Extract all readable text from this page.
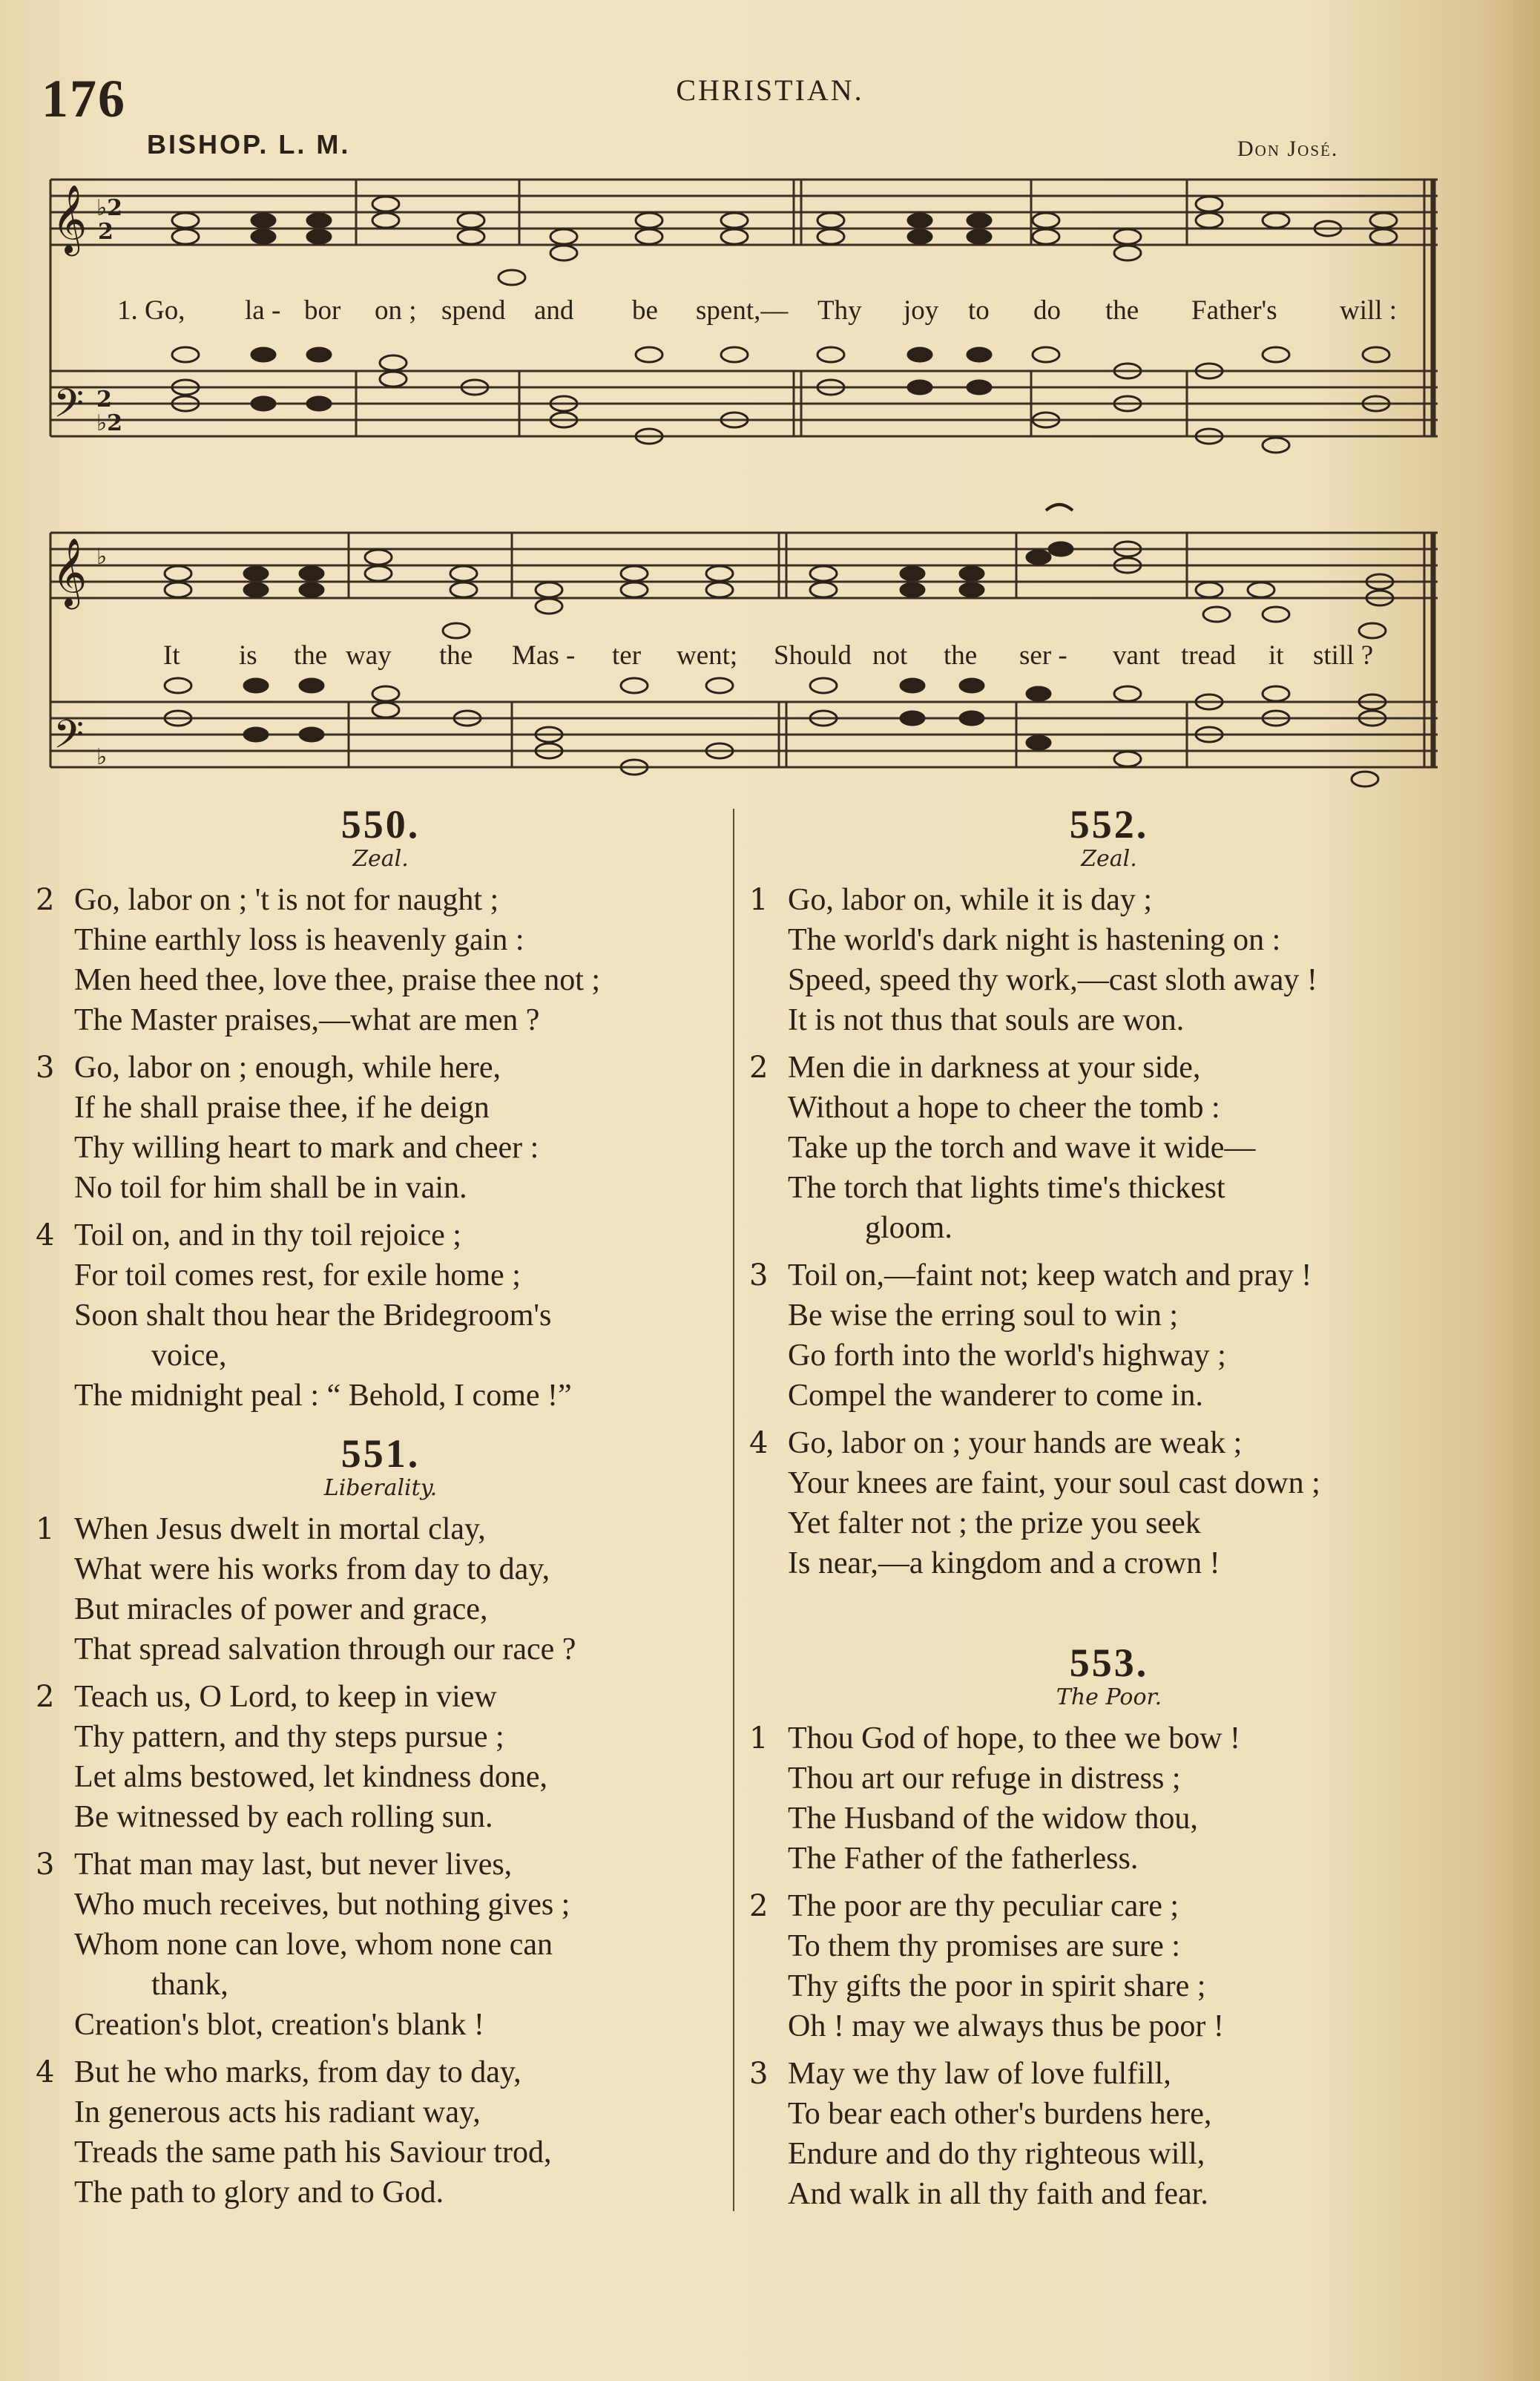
176	CHRISTIAN.
BISHOP. L. M.	Don José.
𝄞
𝄢
♭2
2
2
♭2
1. Go, la - bor on ; spend and be spent,— Thy joy to do the Father's will :
𝄞
𝄢
♭
♭
It is the way the Mas - ter went; Should not the ser - vant tread it still ?
550.
Zeal.
2 Go, labor on ; 't is not for naught ;
Thine earthly loss is heavenly gain :
Men heed thee, love thee, praise thee not ;
The Master praises,—what are men ?
3 Go, labor on ; enough, while here,
If he shall praise thee, if he deign
Thy willing heart to mark and cheer :
No toil for him shall be in vain.
4 Toil on, and in thy toil rejoice ;
For toil comes rest, for exile home ;
Soon shalt thou hear the Bridegroom's
voice,
The midnight peal : “ Behold, I come !”
551.
Liberality.
1 When Jesus dwelt in mortal clay,
What were his works from day to day,
But miracles of power and grace,
That spread salvation through our race ?
2 Teach us, O Lord, to keep in view
Thy pattern, and thy steps pursue ;
Let alms bestowed, let kindness done,
Be witnessed by each rolling sun.
3 That man may last, but never lives,
Who much receives, but nothing gives ;
Whom none can love, whom none can
thank,
Creation's blot, creation's blank !
4 But he who marks, from day to day,
In generous acts his radiant way,
Treads the same path his Saviour trod,
The path to glory and to God.
552.
Zeal.
1 Go, labor on, while it is day ;
The world's dark night is hastening on :
Speed, speed thy work,—cast sloth away !
It is not thus that souls are won.
2 Men die in darkness at your side,
Without a hope to cheer the tomb :
Take up the torch and wave it wide—
The torch that lights time's thickest
gloom.
3 Toil on,—faint not; keep watch and pray !
Be wise the erring soul to win ;
Go forth into the world's highway ;
Compel the wanderer to come in.
4 Go, labor on ; your hands are weak ;
Your knees are faint, your soul cast down ;
Yet falter not ; the prize you seek
Is near,—a kingdom and a crown !
553.
The Poor.
1 Thou God of hope, to thee we bow !
Thou art our refuge in distress ;
The Husband of the widow thou,
The Father of the fatherless.
2 The poor are thy peculiar care ;
To them thy promises are sure :
Thy gifts the poor in spirit share ;
Oh ! may we always thus be poor !
3 May we thy law of love fulfill,
To bear each other's burdens here,
Endure and do thy righteous will,
And walk in all thy faith and fear.
